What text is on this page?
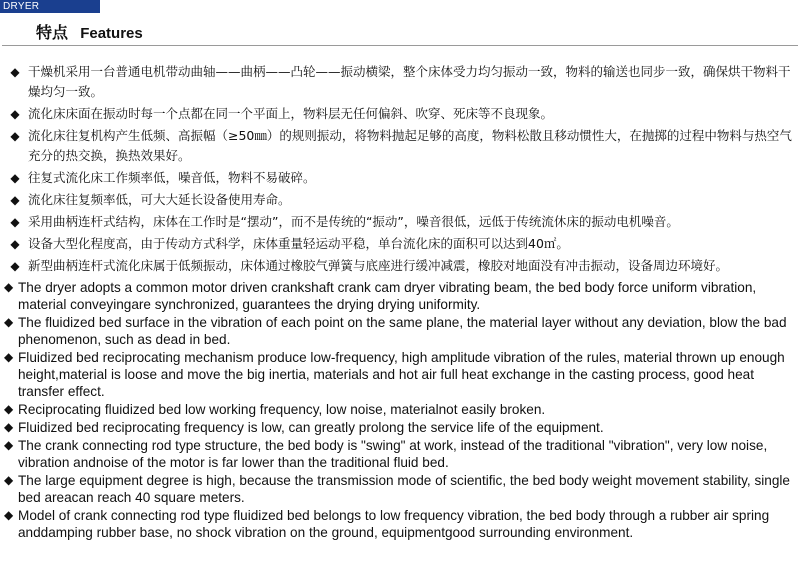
DRYER
特点 Features
◆ 干燥机采用一台普通电机带动曲轴——曲柄——凸轮——振动横梁，整个床体受力均匀振动一致，物料的输送也同步一致，确保烘干物料干燥均匀一致。
◆ 流化床床面在振动时每一个点都在同一个平面上，物料层无任何偏斜、吹穿、死床等不良现象。
◆ 流化床往复机构产生低频、高振幅（≥50㎜）的规则振动，将物料抛起足够的高度，物料松散且移动惯性大，在抛掷的过程中物料与热空气充分的热交换，换热效果好。
◆ 往复式流化床工作频率低，噪音低，物料不易破碎。
◆ 流化床往复频率低，可大大延长设备使用寿命。
◆ 采用曲柄连杆式结构，床体在工作时是“摆动”，而不是传统的“振动”，噪音很低，远低于传统流休床的振动电机噪音。
◆ 设备大型化程度高，由于传动方式科学，床体重量轻运动平稳，单台流化床的面积可以达到40㎡。
◆ 新型曲柄连杆式流化床属于低频振动，床体通过橡胶气弹簧与底座进行缓冲减震，橡胶对地面没有冲击振动，设备周边环境好。
◆ The dryer adopts a common motor driven crankshaft crank cam dryer vibrating beam, the bed body force uniform vibration, material conveyingare synchronized, guarantees the drying drying uniformity.
◆ The fluidized bed surface in the vibration of each point on the same plane, the material layer without any deviation, blow the bad phenomenon, such as dead in bed.
◆ Fluidized bed reciprocating mechanism produce low-frequency, high amplitude vibration of the rules, material thrown up enough height,material is loose and move the big inertia, materials and hot air full heat exchange in the casting process, good heat transfer effect.
◆ Reciprocating fluidized bed low working frequency, low noise, materialnot easily broken.
◆ Fluidized bed reciprocating frequency is low, can greatly prolong the service life of the equipment.
◆ The crank connecting rod type structure, the bed body is "swing" at work, instead of the traditional "vibration", very low noise, vibration andnoise of the motor is far lower than the traditional fluid bed.
◆ The large equipment degree is high, because the transmission mode of scientific, the bed body weight movement stability, single bed areacan reach 40 square meters.
◆ Model of crank connecting rod type fluidized bed belongs to low frequency vibration, the bed body through a rubber air spring anddamping rubber base, no shock vibration on the ground, equipmentgood surrounding environment.
